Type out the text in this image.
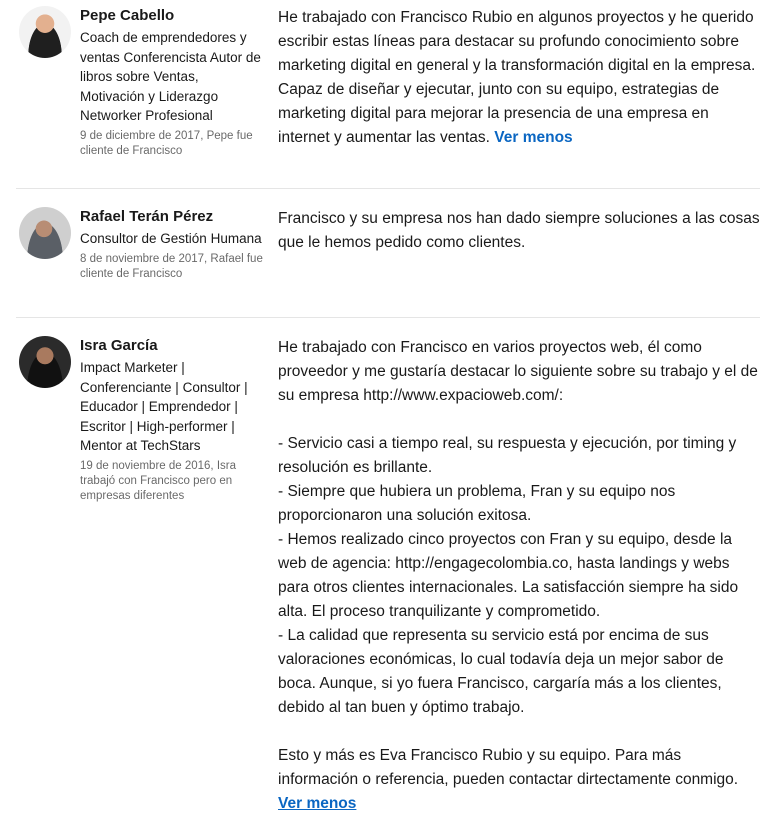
Pepe Cabello
Coach de emprendedores y ventas Conferencista Autor de libros sobre Ventas, Motivación y Liderazgo Networker Profesional
9 de diciembre de 2017, Pepe fue cliente de Francisco
He trabajado con Francisco Rubio en algunos proyectos y he querido escribir estas líneas para destacar su profundo conocimiento sobre marketing digital en general y la transformación digital en la empresa. Capaz de diseñar y ejecutar, junto con su equipo, estrategias de marketing digital para mejorar la presencia de una empresa en internet y aumentar las ventas. Ver menos
Rafael Terán Pérez
Consultor de Gestión Humana
8 de noviembre de 2017, Rafael fue cliente de Francisco
Francisco y su empresa nos han dado siempre soluciones a las cosas que le hemos pedido como clientes.
Isra García
Impact Marketer | Conferenciante | Consultor | Educador | Emprendedor | Escritor | High-performer | Mentor at TechStars
19 de noviembre de 2016, Isra trabajó con Francisco pero en empresas diferentes
He trabajado con Francisco en varios proyectos web, él como proveedor y me gustaría destacar lo siguiente sobre su trabajo y el de su empresa http://www.expacioweb.com/:

- Servicio casi a tiempo real, su respuesta y ejecución, por timing y resolución es brillante.
- Siempre que hubiera un problema, Fran y su equipo nos proporcionaron una solución exitosa.
- Hemos realizado cinco proyectos con Fran y su equipo, desde la web de agencia: http://engagecolombia.co, hasta landings y webs para otros clientes internacionales. La satisfacción siempre ha sido alta. El proceso tranquilizante y comprometido.
- La calidad que representa su servicio está por encima de sus valoraciones económicas, lo cual todavía deja un mejor sabor de boca. Aunque, si yo fuera Francisco, cargaría más a los clientes, debido al tan buen y óptimo trabajo.

Esto y más es Eva Francisco Rubio y su equipo. Para más información o referencia, pueden contactar dirtectamente conmigo. Ver menos
